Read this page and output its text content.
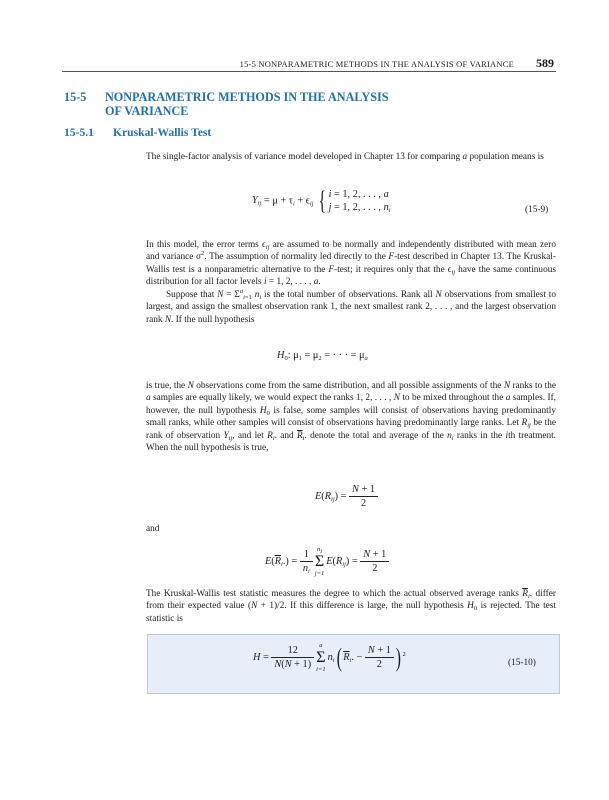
15-5 NONPARAMETRIC METHODS IN THE ANALYSIS OF VARIANCE 589
15-5 NONPARAMETRIC METHODS IN THE ANALYSIS
OF VARIANCE
15-5.1 Kruskal-Wallis Test
The single-factor analysis of variance model developed in Chapter 13 for comparing a population means is
$Y_{ij} = \mu + \tau_i + \epsilon_{ij}$ { i = 1, 2, . . . , a
j = 1, 2, . . . , $n_i$	(15-9)
In this model, the error terms $\epsilon_{ij}$ are assumed to be normally and independently distributed with mean zero and variance $\sigma^2$. The assumption of normality led directly to the F-test described in Chapter 13. The Kruskal-Wallis test is a nonparametric alternative to the F-test; it requires only that the $\epsilon_{ij}$ have the same continuous distribution for all factor levels i = 1, 2, . . . , a.
Suppose that $N = \Sigma^a_{i=1}$ $n_i$ is the total number of observations. Rank all N observations from smallest to largest, and assign the smallest observation rank 1, the next smallest rank 2, . . . , and the largest observation rank N. If the null hypothesis
$H_0$: $\mu_1 = \mu_2$ = · · · = $\mu_a$
is true, the N observations come from the same distribution, and all possible assignments of the N ranks to the a samples are equally likely, we would expect the ranks 1, 2, . . . , N to be mixed throughout the a samples. If, however, the null hypothesis $H_0$ is false, some samples will consist of observations having predominantly small ranks, while other samples will consist of observations having predominantly large ranks. Let $R_{ij}$ be the rank of observation $Y_{ij}$, and let $R_i$. and $\overline{R}_i$. denote the total and average of the $n_i$ ranks in the ith treatment. When the null hypothesis is true,
$E(R_{ij}) = \frac{N + 1}{2}$
and
$E(\overline{R}_i.) = \frac{1}{n_i} n_i$
Σ
j=1
$E(R_{ij}) = \frac{N + 1}{2}$
The Kruskal-Wallis test statistic measures the degree to which the actual observed average ranks $\overline{R}_i$. differ from their expected value (N + 1)/2. If this difference is large, the null hypothesis $H_0$ is rejected. The test statistic is
$H = \frac{12}{N(N + 1)}$ a
Σ
i=1
$n_i$( $\overline{R}_i$. − $\frac{N + 1}{2}$ ) $^2$
(15-10)
